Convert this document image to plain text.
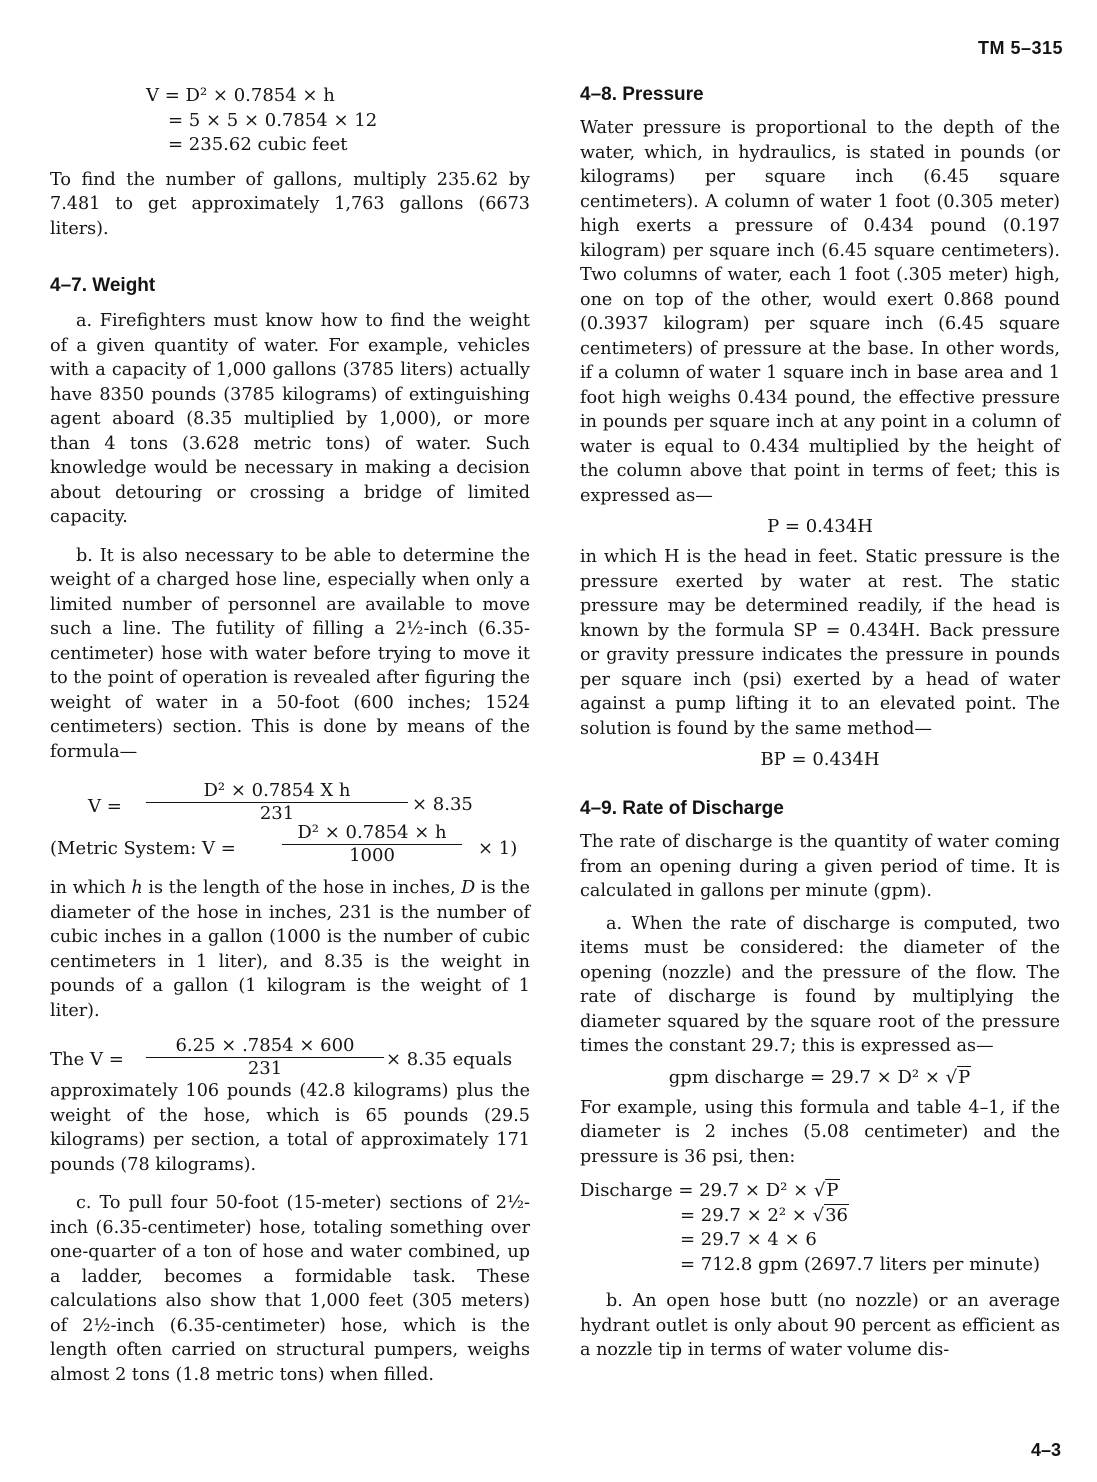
TM 5–315
V = D² × 0.7854 × h
= 5 × 5 × 0.7854 × 12
= 235.62 cubic feet

To find the number of gallons, multiply 235.62 by 7.481 to get approximately 1,763 gallons (6673 liters).

4–7. Weight

a. Firefighters must know how to find the weight of a given quantity of water. For example, vehicles with a capacity of 1,000 gallons (3785 liters) actually have 8350 pounds (3785 kilograms) of extinguishing agent aboard (8.35 multiplied by 1,000), or more than 4 tons (3.628 metric tons) of water. Such knowledge would be necessary in making a decision about detouring or crossing a bridge of limited capacity.

b. It is also necessary to be able to determine the weight of a charged hose line, especially when only a limited number of personnel are available to move such a line. The futility of filling a 2½-inch (6.35-centimeter) hose with water before trying to move it to the point of operation is revealed after figuring the weight of water in a 50-foot (600 inches; 1524 centimeters) section. This is done by means of the formula—

$V = \frac{\text{D² × 0.7854 X h}}{231} \times 8.35$
(Metric System: V =	$\frac{\text{D² × 0.7854 × h}}{1000} \times 1$)

in which h is the length of the hose in inches, D is the diameter of the hose in inches, 231 is the number of cubic inches in a gallon (1000 is the number of cubic centimeters in 1 liter), and 8.35 is the weight in pounds of a gallon (1 kilogram is the weight of 1 liter).

The $V = \frac{6.25 \times .7854 \times 600}{231} \times 8.35$ equals

approximately 106 pounds (42.8 kilograms) plus the weight of the hose, which is 65 pounds (29.5 kilograms) per section, a total of approximately 171 pounds (78 kilograms).

c. To pull four 50-foot (15-meter) sections of 2½-inch (6.35-centimeter) hose, totaling something over one-quarter of a ton of hose and water combined, up a ladder, becomes a formidable task. These calculations also show that 1,000 feet (305 meters) of 2½-inch (6.35-centimeter) hose, which is the length often carried on structural pumpers, weighs almost 2 tons (1.8 metric tons) when filled.

4–8. Pressure

Water pressure is proportional to the depth of the water, which, in hydraulics, is stated in pounds (or kilograms) per square inch (6.45 square centimeters). A column of water 1 foot (0.305 meter) high exerts a pressure of 0.434 pound (0.197 kilogram) per square inch (6.45 square centimeters). Two columns of water, each 1 foot (.305 meter) high, one on top of the other, would exert 0.868 pound (0.3937 kilogram) per square inch (6.45 square centimeters) of pressure at the base. In other words, if a column of water 1 square inch in base area and 1 foot high weighs 0.434 pound, the effective pressure in pounds per square inch at any point in a column of water is equal to 0.434 multiplied by the height of the column above that point in terms of feet; this is expressed as—

P = 0.434H

in which H is the head in feet. Static pressure is the pressure exerted by water at rest. The static pressure may be determined readily, if the head is known by the formula SP = 0.434H. Back pressure or gravity pressure indicates the pressure in pounds per square inch (psi) exerted by a head of water against a pump lifting it to an elevated point. The solution is found by the same method—

BP = 0.434H

4–9. Rate of Discharge

The rate of discharge is the quantity of water coming from an opening during a given period of time. It is calculated in gallons per minute (gpm).

a. When the rate of discharge is computed, two items must be considered: the diameter of the opening (nozzle) and the pressure of the flow. The rate of discharge is found by multiplying the diameter squared by the square root of the pressure times the constant 29.7; this is expressed as—

gpm discharge = 29.7 × D² × √P

For example, using this formula and table 4–1, if the diameter is 2 inches (5.08 centimeter) and the pressure is 36 psi, then:

Discharge = 29.7 × D² × √P
= 29.7 × 2² × √36
= 29.7 × 4 × 6
= 712.8 gpm (2697.7 liters per minute)

b. An open hose butt (no nozzle) or an average hydrant outlet is only about 90 percent as efficient as a nozzle tip in terms of water volume dis-

4–3
